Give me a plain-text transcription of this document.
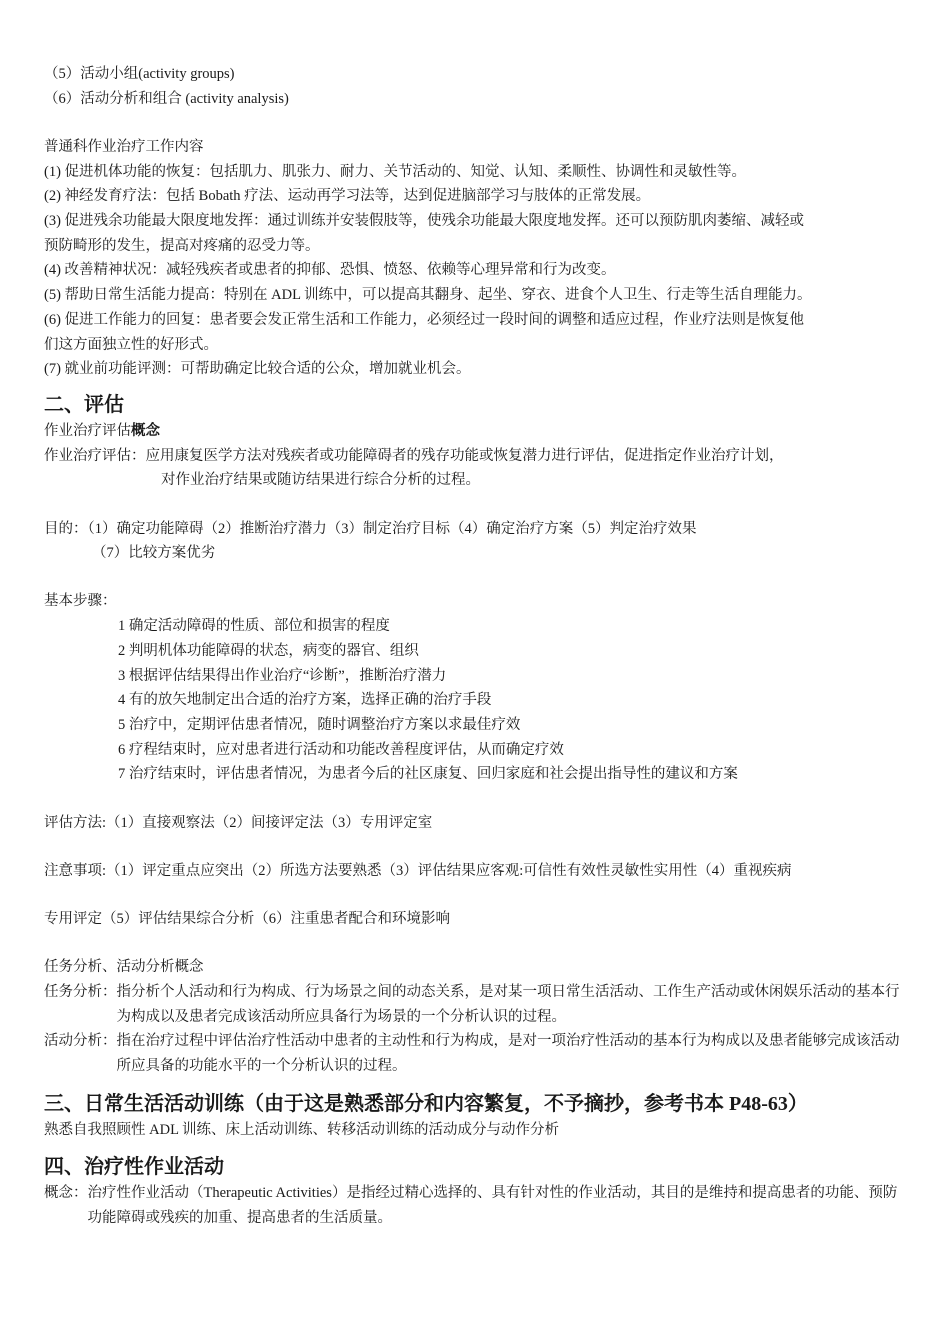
（5）活动小组(activity groups)
（6）活动分析和组合 (activity analysis)
普通科作业治疗工作内容
(1) 促进机体功能的恢复：包括肌力、肌张力、耐力、关节活动的、知觉、认知、柔顺性、协调性和灵敏性等。
(2) 神经发育疗法：包括 Bobath 疗法、运动再学习法等，达到促进脑部学习与肢体的正常发展。
(3) 促进残余功能最大限度地发挥：通过训练并安装假肢等，使残余功能最大限度地发挥。还可以预防肌肉萎缩、减轻或
预防畸形的发生，提高对疼痛的忍受力等。
(4) 改善精神状况：减轻残疾者或患者的抑郁、恐惧、愤怒、依赖等心理异常和行为改变。
(5) 帮助日常生活能力提高：特别在 ADL 训练中，可以提高其翻身、起坐、穿衣、进食个人卫生、行走等生活自理能力。
(6) 促进工作能力的回复：患者要会发正常生活和工作能力，必须经过一段时间的调整和适应过程，作业疗法则是恢复他
们这方面独立性的好形式。
(7) 就业前功能评测：可帮助确定比较合适的公众，增加就业机会。
二、评估
作业治疗评估概念
作业治疗评估：应用康复医学方法对残疾者或功能障碍者的残存功能或恢复潜力进行评估，促进指定作业治疗计划，
对作业治疗结果或随访结果进行综合分析的过程。
目的：（1）确定功能障碍（2）推断治疗潜力（3）制定治疗目标（4）确定治疗方案（5）判定治疗效果
（7）比较方案优劣
基本步骤：
1 确定活动障碍的性质、部位和损害的程度
2 判明机体功能障碍的状态，病变的器官、组织
3 根据评估结果得出作业治疗“诊断”，推断治疗潜力
4 有的放矢地制定出合适的治疗方案，选择正确的治疗手段
5 治疗中，定期评估患者情况，随时调整治疗方案以求最佳疗效
6 疗程结束时，应对患者进行活动和功能改善程度评估，从而确定疗效
7 治疗结束时，评估患者情况，为患者今后的社区康复、回归家庭和社会提出指导性的建议和方案
评估方法:（1）直接观察法（2）间接评定法（3）专用评定室
注意事项:（1）评定重点应突出（2）所选方法要熟悉（3）评估结果应客观:可信性有效性灵敏性实用性（4）重视疾病
专用评定（5）评估结果综合分析（6）注重患者配合和环境影响
任务分析、活动分析概念
任务分析： 指分析个人活动和行为构成、行为场景之间的动态关系，是对某一项日常生活活动、工作生产活动或休闲娱乐活动的基本行为构成以及患者完成该活动所应具备行为场景的一个分析认识的过程。
活动分析： 指在治疗过程中评估治疗性活动中患者的主动性和行为构成，是对一项治疗性活动的基本行为构成以及患者能够完成该活动所应具备的功能水平的一个分析认识的过程。
三、日常生活活动训练（由于这是熟悉部分和内容繁复，不予摘抄，参考书本 P48-63）
熟悉自我照顾性 ADL 训练、床上活动训练、转移活动训练的活动成分与动作分析
四、治疗性作业活动
概念： 治疗性作业活动（Therapeutic Activities）是指经过精心选择的、具有针对性的作业活动，其目的是维持和提高患者的功能、预防功能障碍或残疾的加重、提高患者的生活质量。
